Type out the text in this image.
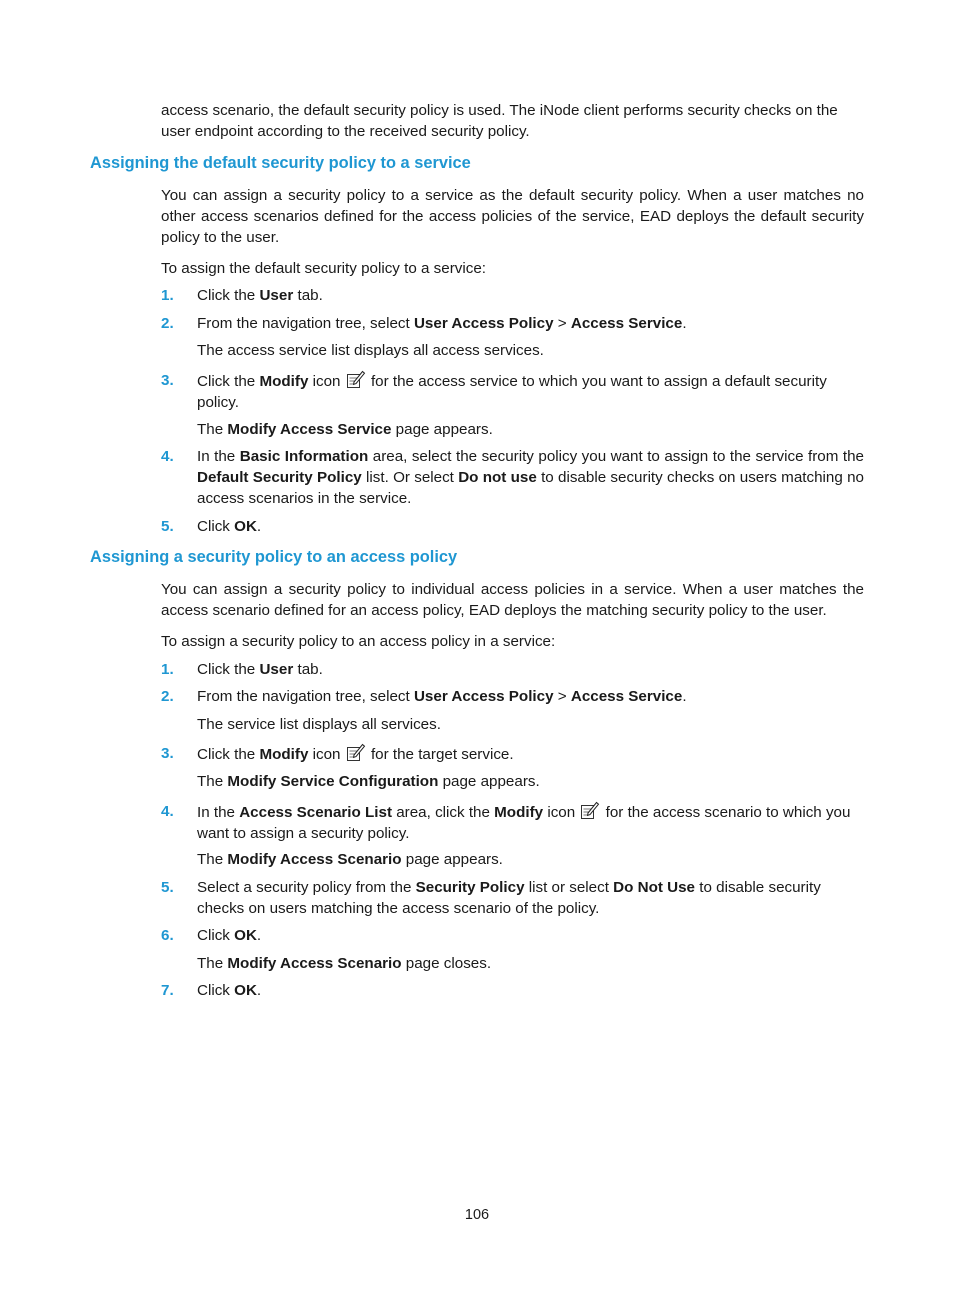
access scenario, the default security policy is used. The iNode client performs security checks on the user endpoint according to the received security policy.

Assigning the default security policy to a service

You can assign a security policy to a service as the default security policy. When a user matches no other access scenarios defined for the access policies of the service, EAD deploys the default security policy to the user.

To assign the default security policy to a service:

1.	Click the User tab.
2.	From the navigation tree, select User Access Policy > Access Service.

The access service list displays all access services.

3.	Click the Modify icon  for the access service to which you want to assign a default security policy.

The Modify Access Service page appears.

4.	In the Basic Information area, select the security policy you want to assign to the service from the Default Security Policy list. Or select Do not use to disable security checks on users matching no access scenarios in the service.
5.	Click OK.
Assigning a security policy to an access policy

You can assign a security policy to individual access policies in a service. When a user matches the access scenario defined for an access policy, EAD deploys the matching security policy to the user.

To assign a security policy to an access policy in a service:

1.	Click the User tab.
2.	From the navigation tree, select User Access Policy > Access Service.

The service list displays all services.

3.	Click the Modify icon  for the target service.

The Modify Service Configuration page appears.

4.	In the Access Scenario List area, click the Modify icon  for the access scenario to which you want to assign a security policy.

The Modify Access Scenario page appears.

5.	Select a security policy from the Security Policy list or select Do Not Use to disable security checks on users matching the access scenario of the policy.
6.	Click OK.

The Modify Access Scenario page closes.

7.	Click OK.
106
